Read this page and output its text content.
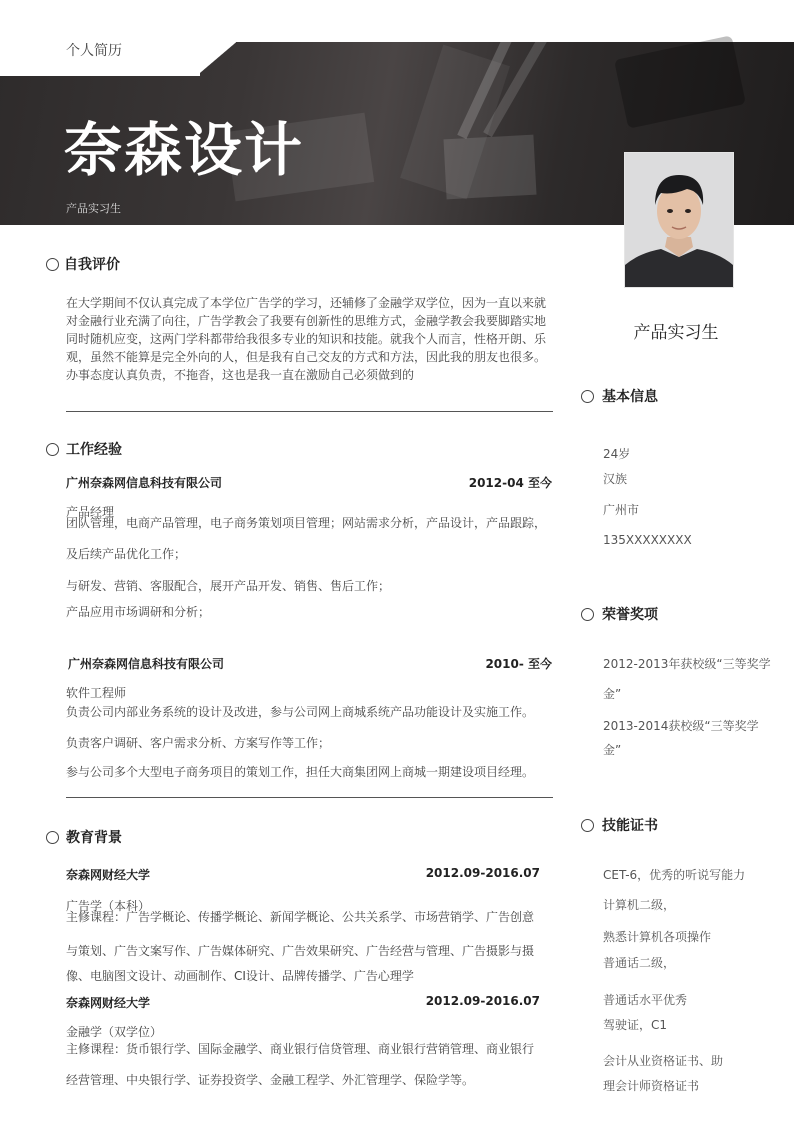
个人简历
奈森设计
产品实习生
自我评价
在大学期间不仅认真完成了本学位广告学的学习，还辅修了金融学双学位，因为一直以来就
对金融行业充满了向往，广告学教会了我要有创新性的思维方式，金融学教会我要脚踏实地
同时随机应变，这两门学科都带给我很多专业的知识和技能。就我个人而言，性格开朗、乐
观，虽然不能算是完全外向的人，但是我有自己交友的方式和方法，因此我的朋友也很多。
办事态度认真负责，不拖沓，这也是我一直在激励自己必须做到的
工作经验
广州奈森网信息科技有限公司	2012-04 至今
产品经理
团队管理，电商产品管理，电子商务策划项目管理；网站需求分析，产品设计，产品跟踪，
及后续产品优化工作；
与研发、营销、客服配合，展开产品开发、销售、售后工作；
产品应用市场调研和分析；
广州奈森网信息科技有限公司	2010- 至今
软件工程师
负责公司内部业务系统的设计及改进，参与公司网上商城系统产品功能设计及实施工作。
负责客户调研、客户需求分析、方案写作等工作；
参与公司多个大型电子商务项目的策划工作，担任大商集团网上商城一期建设项目经理。
教育背景
奈森网财经大学	2012.09-2016.07
广告学（本科）
主修课程：广告学概论、传播学概论、新闻学概论、公共关系学、市场营销学、广告创意
与策划、广告文案写作、广告媒体研究、广告效果研究、广告经营与管理、广告摄影与摄
像、电脑图文设计、动画制作、CI设计、品牌传播学、广告心理学
奈森网财经大学	2012.09-2016.07
金融学（双学位）
主修课程：货币银行学、国际金融学、商业银行信贷管理、商业银行营销管理、商业银行
经营管理、中央银行学、证券投资学、金融工程学、外汇管理学、保险学等。
基本信息
24岁
汉族
广州市
135XXXXXXXX
荣誉奖项
2012-2013年获校级“三等奖学
金”
2013-2014获校级“三等奖学
金”
技能证书
CET-6，优秀的听说写能力
计算机二级，
熟悉计算机各项操作
普通话二级，
普通话水平优秀
驾驶证，C1
会计从业资格证书、助
理会计师资格证书
